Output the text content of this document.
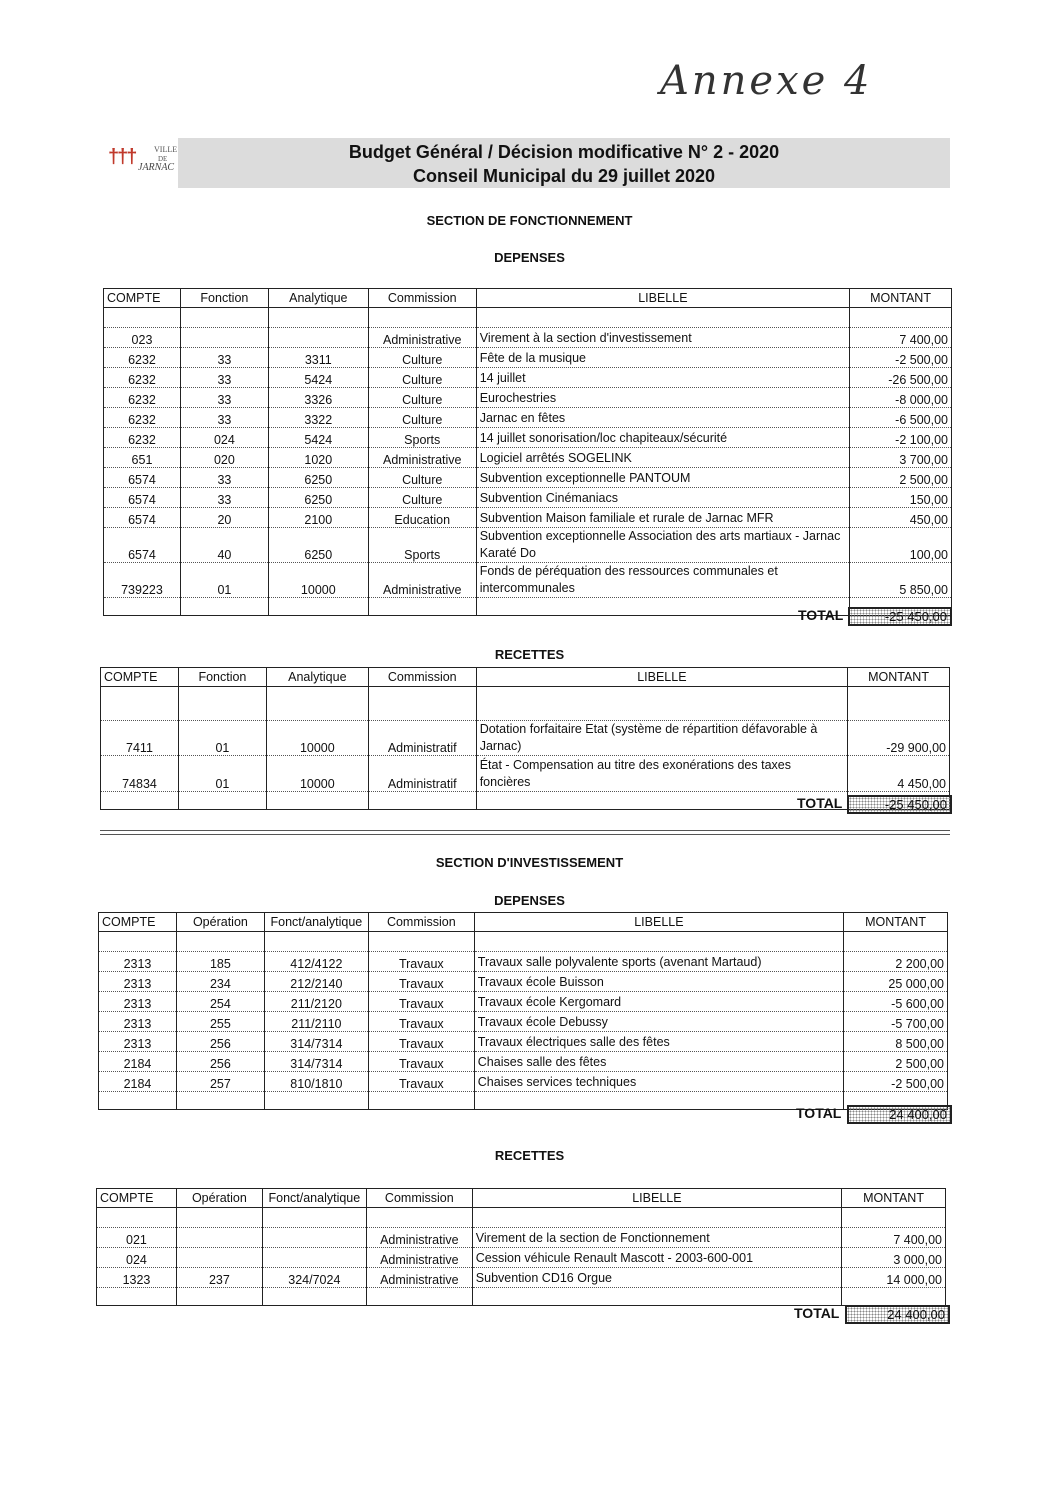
Annexe 4
††† VILLE
DE
JARNAC
Budget Général / Décision modificative N° 2 - 2020
Conseil Municipal du 29 juillet 2020
SECTION DE FONCTIONNEMENT
DEPENSES
COMPTE	Fonction	Analytique	Commission	LIBELLE	MONTANT

023			Administrative	Virement à la section d'investissement	7 400,00
6232	33	3311	Culture	Fête de la musique	-2 500,00
6232	33	5424	Culture	14 juillet	-26 500,00
6232	33	3326	Culture	Eurochestries	-8 000,00
6232	33	3322	Culture	Jarnac en fêtes	-6 500,00
6232	024	5424	Sports	14 juillet sonorisation/loc chapiteaux/sécurité	-2 100,00
651	020	1020	Administrative	Logiciel arrêtés SOGELINK	3 700,00
6574	33	6250	Culture	Subvention exceptionnelle PANTOUM	2 500,00
6574	33	6250	Culture	Subvention Cinémaniacs	150,00
6574	20	2100	Education	Subvention Maison familiale et rurale de Jarnac MFR	450,00
6574	40	6250	Sports	Subvention exceptionnelle Association des arts martiaux - Jarnac Karaté Do	100,00
739223	01	10000	Administrative	Fonds de péréquation des ressources communales et intercommunales	5 850,00

TOTAL	-25 450,00
RECETTES
COMPTE	Fonction	Analytique	Commission	LIBELLE	MONTANT

7411	01	10000	Administratif	Dotation forfaitaire Etat (système de répartition défavorable à Jarnac)	-29 900,00
74834	01	10000	Administratif	État - Compensation au titre des exonérations des taxes foncières	4 450,00

TOTAL	-25 450,00
SECTION D'INVESTISSEMENT
DEPENSES
COMPTE	Opération	Fonct/analytique	Commission	LIBELLE	MONTANT

2313	185	412/4122	Travaux	Travaux salle polyvalente sports (avenant Martaud)	2 200,00
2313	234	212/2140	Travaux	Travaux école Buisson	25 000,00
2313	254	211/2120	Travaux	Travaux école Kergomard	-5 600,00
2313	255	211/2110	Travaux	Travaux école Debussy	-5 700,00
2313	256	314/7314	Travaux	Travaux électriques salle des fêtes	8 500,00
2184	256	314/7314	Travaux	Chaises salle des fêtes	2 500,00
2184	257	810/1810	Travaux	Chaises services techniques	-2 500,00

TOTAL	24 400,00
RECETTES
COMPTE	Opération	Fonct/analytique	Commission	LIBELLE	MONTANT

021			Administrative	Virement de la section de Fonctionnement	7 400,00
024			Administrative	Cession véhicule Renault Mascott - 2003-600-001	3 000,00
1323	237	324/7024	Administrative	Subvention CD16 Orgue	14 000,00

TOTAL	24 400,00
